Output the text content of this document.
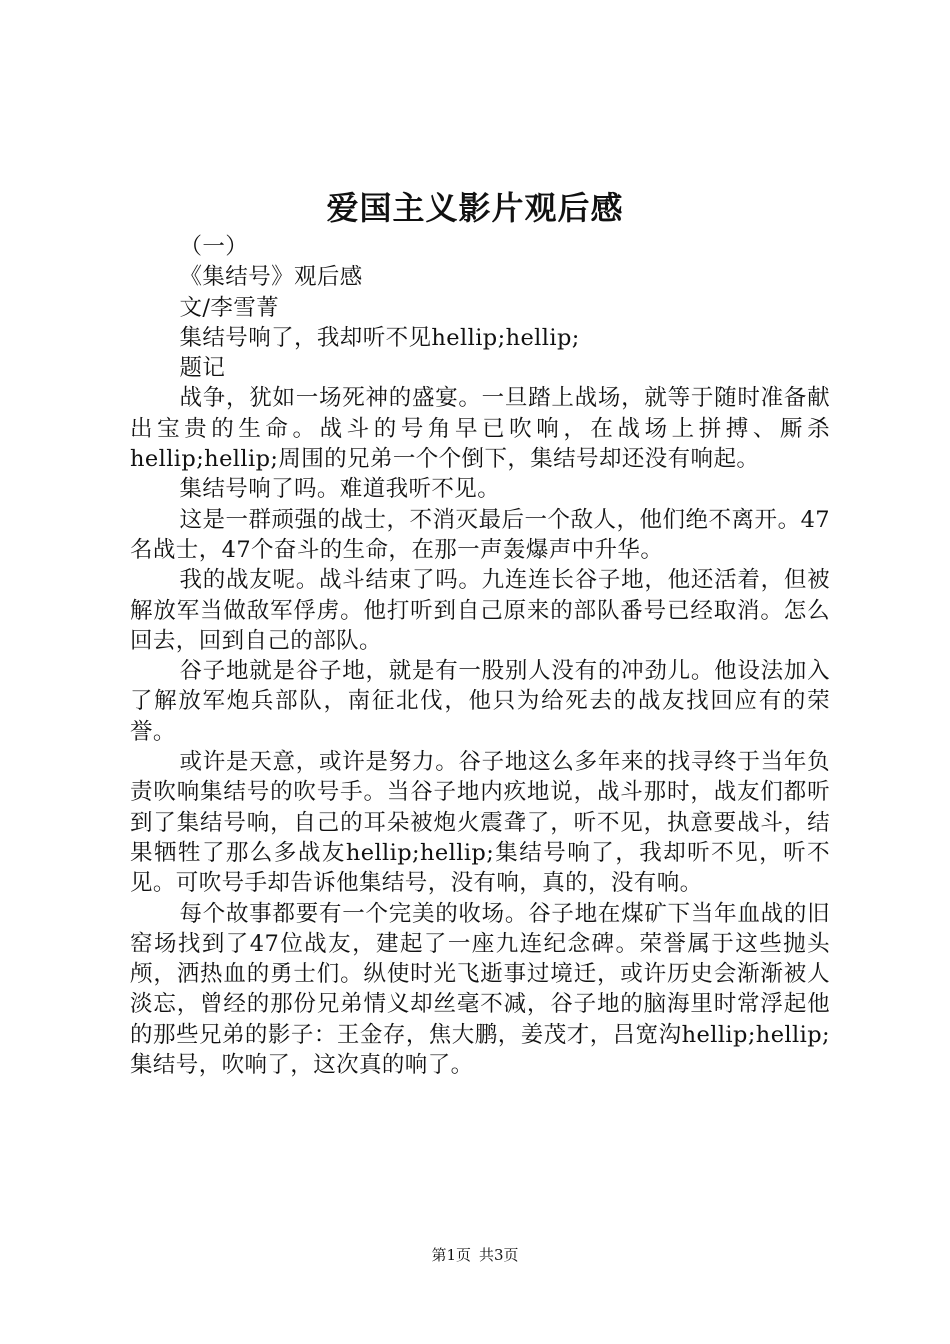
爱国主义影片观后感

（一）

《集结号》观后感

文/李雪菁

集结号响了，我却听不见hellip;hellip;

题记

战争，犹如一场死神的盛宴。一旦踏上战场，就等于随时准备献出宝贵的生命。战斗的号角早已吹响，在战场上拼搏、厮杀hellip;hellip;周围的兄弟一个个倒下，集结号却还没有响起。

集结号响了吗。难道我听不见。

这是一群顽强的战士，不消灭最后一个敌人，他们绝不离开。47名战士，47个奋斗的生命，在那一声轰爆声中升华。

我的战友呢。战斗结束了吗。九连连长谷子地，他还活着，但被解放军当做敌军俘虏。他打听到自己原来的部队番号已经取消。怎么回去，回到自己的部队。

谷子地就是谷子地，就是有一股别人没有的冲劲儿。他设法加入了解放军炮兵部队，南征北伐，他只为给死去的战友找回应有的荣誉。

或许是天意，或许是努力。谷子地这么多年来的找寻终于当年负责吹响集结号的吹号手。当谷子地内疚地说，战斗那时，战友们都听到了集结号响，自己的耳朵被炮火震聋了，听不见，执意要战斗，结果牺牲了那么多战友hellip;hellip;集结号响了，我却听不见，听不见。可吹号手却告诉他集结号，没有响，真的，没有响。

每个故事都要有一个完美的收场。谷子地在煤矿下当年血战的旧窑场找到了47位战友，建起了一座九连纪念碑。荣誉属于这些抛头颅，洒热血的勇士们。纵使时光飞逝事过境迁，或许历史会渐渐被人淡忘，曾经的那份兄弟情义却丝毫不减，谷子地的脑海里时常浮起他的那些兄弟的影子：王金存，焦大鹏，姜茂才，吕宽沟hellip;hellip;集结号，吹响了，这次真的响了。

第1页 共3页
